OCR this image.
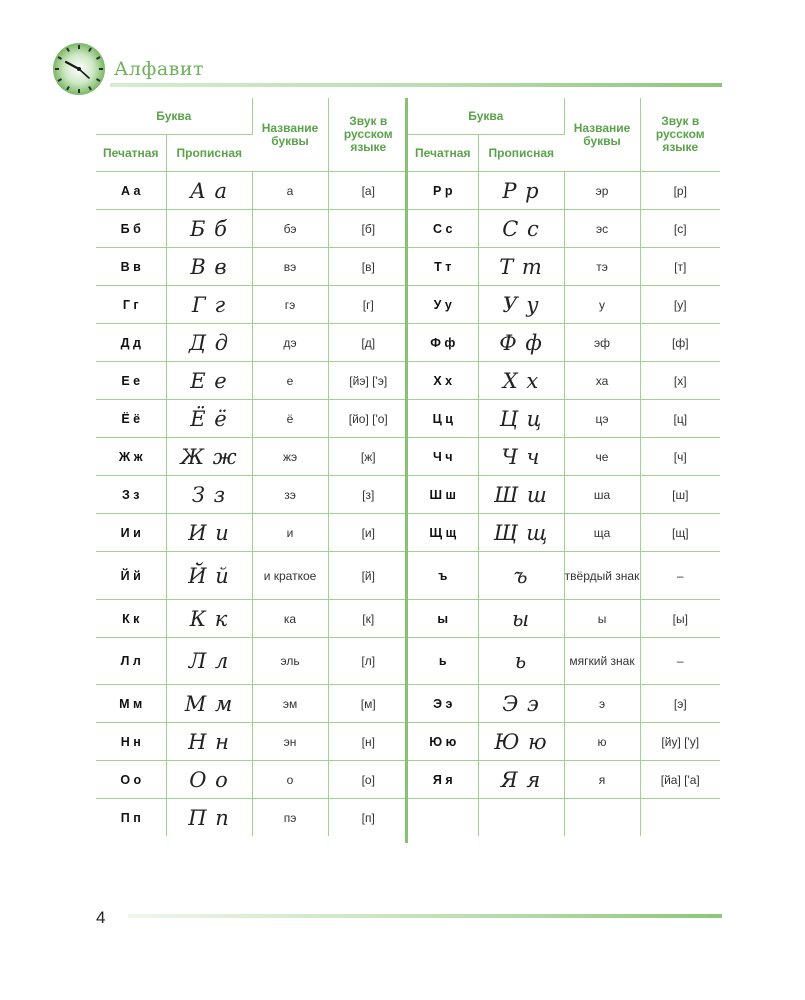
Алфавит
Буква		Название буквы	Звук в русском языке
Печатная	Прописная		
А а	А а	а	[а]
Б б	Б б	бэ	[б]
В в	В в	вэ	[в]
Г г	Г г	гэ	[г]
Д д	Д д	дэ	[д]
Е е	Е е	е	[йэ] ['э]
Ё ё	Ё ё	ё	[йо] ['о]
Ж ж	Ж ж	жэ	[ж]
З з	З з	зэ	[з]
И и	И и	и	[и]
Й й	Й й	и краткое	[й]
К к	К к	ка	[к]
Л л	Л л	эль	[л]
М м	М м	эм	[м]
Н н	Н н	эн	[н]
О о	О о	о	[о]
П п	П п	пэ	[п]
Буква		Название буквы	Звук в русском языке
Печатная	Прописная		
Р р	Р р	эр	[р]
С с	С с	эс	[с]
Т т	Т т	тэ	[т]
У у	У у	у	[у]
Ф ф	Ф ф	эф	[ф]
Х х	Х х	ха	[х]
Ц ц	Ц ц	цэ	[ц]
Ч ч	Ч ч	че	[ч]
Ш ш	Ш ш	ша	[ш]
Щ щ	Щ щ	ща	[щ]
ъ	ъ	твёрдый знак	–
ы	ы	ы	[ы]
ь	ь	мягкий знак	–
Э э	Э э	э	[э]
Ю ю	Ю ю	ю	[йу] ['у]
Я я	Я я	я	[йа] ['а]

4
